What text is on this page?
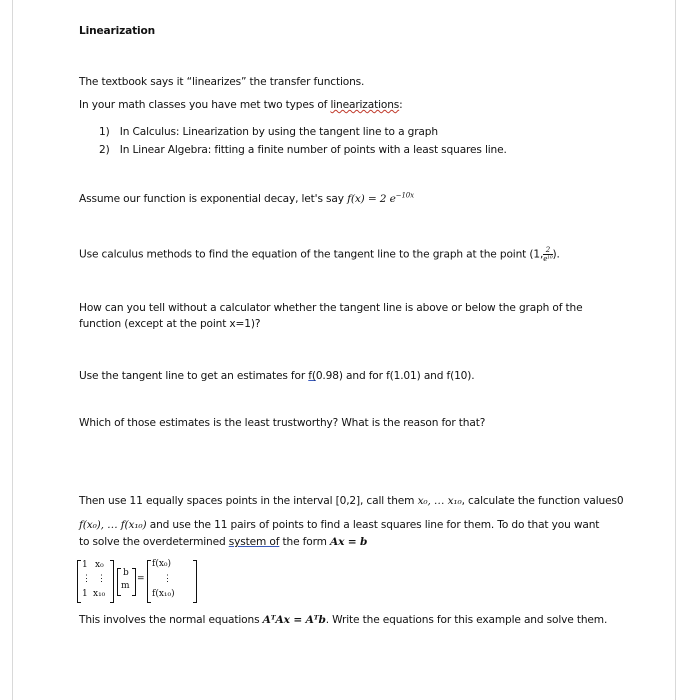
Linearization
The textbook says it “linearizes” the transfer functions.
In your math classes you have met two types of linearizations:
1) In Calculus: Linearization by using the tangent line to a graph
2) In Linear Algebra: fitting a finite number of points with a least squares line.
Assume our function is exponential decay, let's say f(x) = 2 $e^{-10x}$
Use calculus methods to find the equation of the tangent line to the graph at the point (1, $\frac{2}{\text{e¹⁰}}$ ).
How can you tell without a calculator whether the tangent line is above or below the graph of the
function (except at the point x=1)?
Use the tangent line to get an estimates for f(0.98) and for f(1.01) and f(10).
Which of those estimates is the least trustworthy? What is the reason for that?
Then use 11 equally spaces points in the interval [0,2], call them x₀, … x₁₀, calculate the function values0
f(x₀), … f(x₁₀) and use the 11 pairs of points to find a least squares line for them. To do that you want
to solve the overdetermined system of the form Ax = b
1 x₀
⋮ ⋮
1 x₁₀
b
m
=
f(x₀)
⋮
f(x₁₀)
This involves the normal equations AᵀAx = Aᵀb. Write the equations for this example and solve them.
